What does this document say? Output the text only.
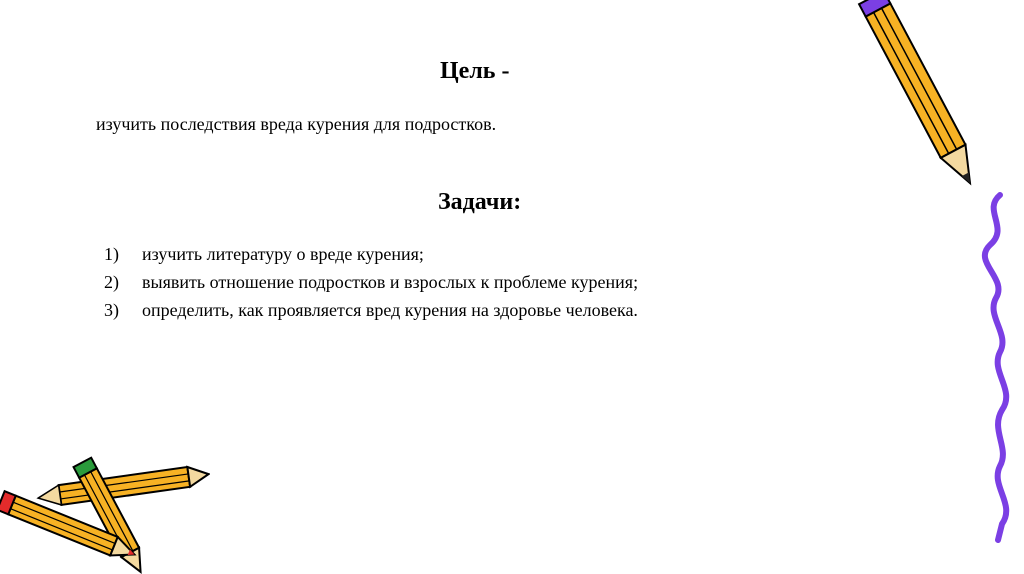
Цель -
изучить последствия вреда курения для подростков.
Задачи:
1) изучить литературу о вреде курения;
2) выявить отношение подростков и взрослых к проблеме курения;
3) определить, как проявляется вред курения на здоровье человека.
